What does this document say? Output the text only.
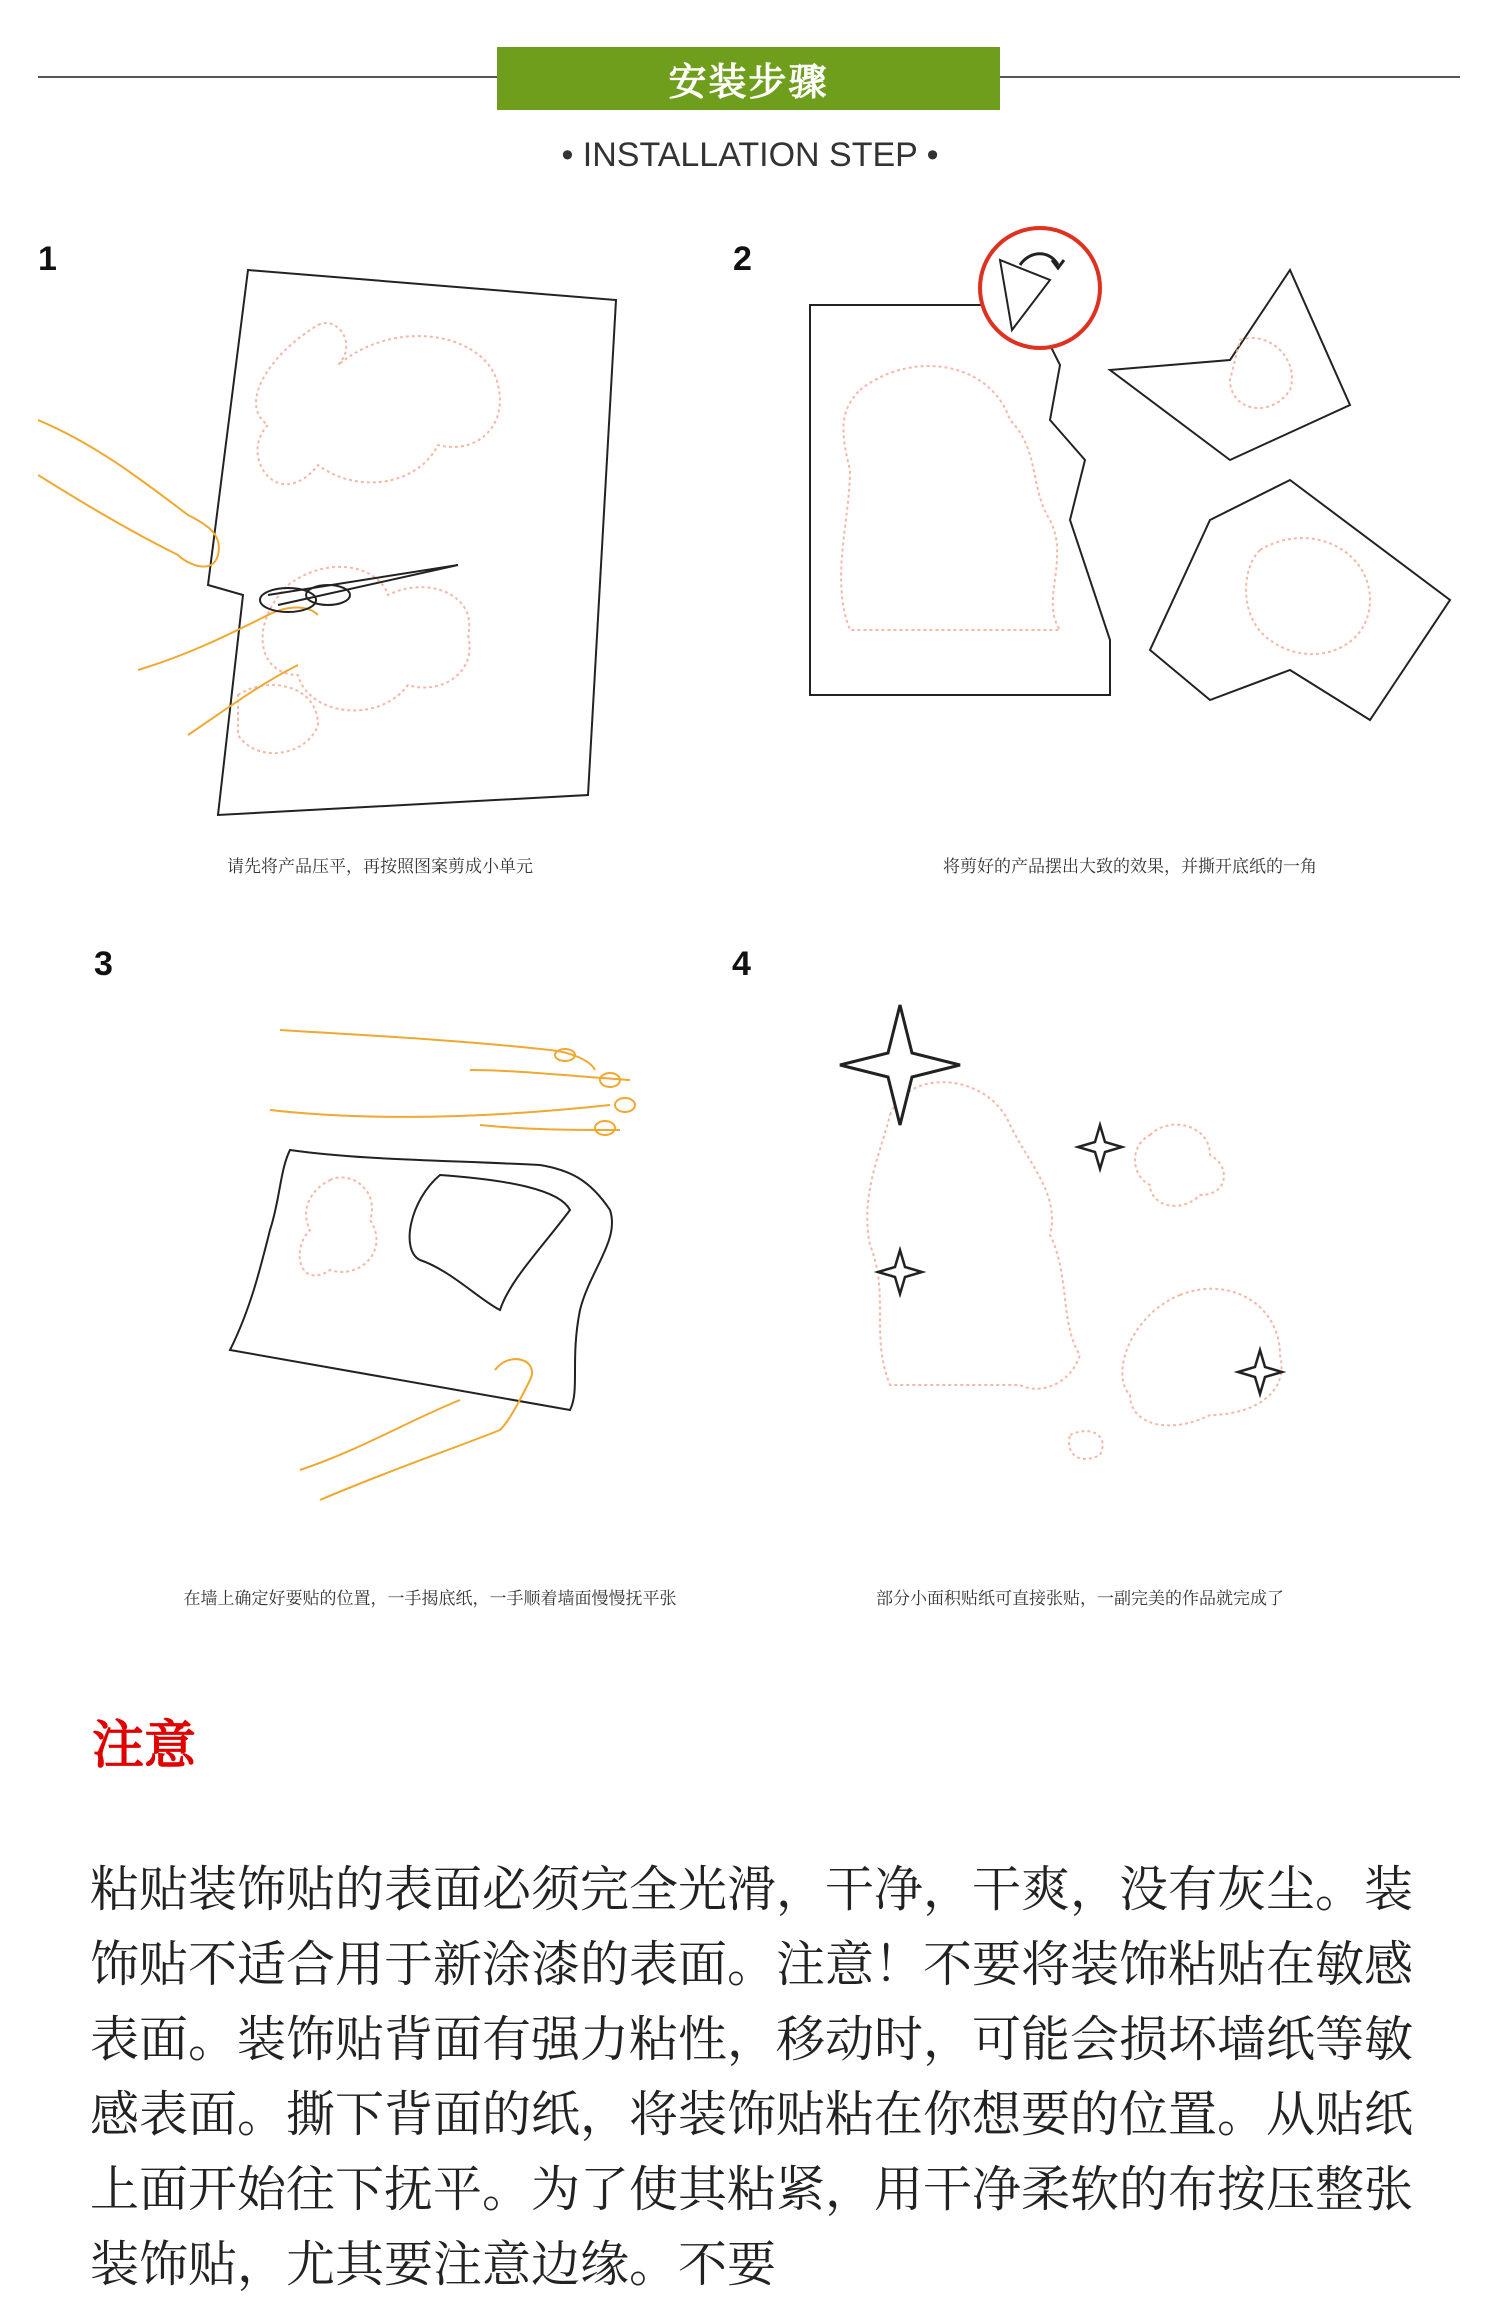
安装步骤
• INSTALLATION STEP •
1
请先将产品压平，再按照图案剪成小单元
2
将剪好的产品摆出大致的效果，并撕开底纸的一角
3
在墙上确定好要贴的位置，一手揭底纸，一手顺着墙面慢慢抚平张
4
部分小面积贴纸可直接张贴，一副完美的作品就完成了
注意
粘贴装饰贴的表面必须完全光滑，干净，干爽，没有灰尘。装饰贴不适合用于新涂漆的表面。注意！不要将装饰粘贴在敏感表面。装饰贴背面有强力粘性，移动时，可能会损坏墙纸等敏感表面。撕下背面的纸，将装饰贴粘在你想要的位置。从贴纸上面开始往下抚平。为了使其粘紧，用干净柔软的布按压整张装饰贴，尤其要注意边缘。不要
